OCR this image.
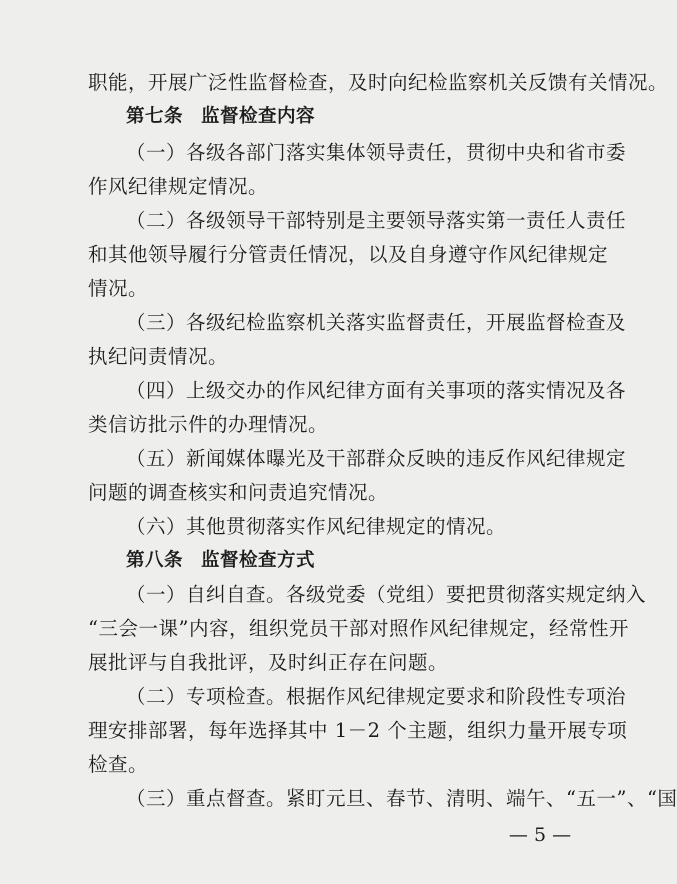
职能，开展广泛性监督检查，及时向纪检监察机关反馈有关情况。
第七条 监督检查内容
（一）各级各部门落实集体领导责任，贯彻中央和省市委
作风纪律规定情况。
（二）各级领导干部特别是主要领导落实第一责任人责任
和其他领导履行分管责任情况，以及自身遵守作风纪律规定
情况。
（三）各级纪检监察机关落实监督责任，开展监督检查及
执纪问责情况。
（四）上级交办的作风纪律方面有关事项的落实情况及各
类信访批示件的办理情况。
（五）新闻媒体曝光及干部群众反映的违反作风纪律规定
问题的调查核实和问责追究情况。
（六）其他贯彻落实作风纪律规定的情况。
第八条 监督检查方式
（一）自纠自查。各级党委（党组）要把贯彻落实规定纳入
“三会一课”内容，组织党员干部对照作风纪律规定，经常性开
展批评与自我批评，及时纠正存在问题。
（二）专项检查。根据作风纪律规定要求和阶段性专项治
理安排部署，每年选择其中 1－2 个主题，组织力量开展专项
检查。
（三）重点督查。紧盯元旦、春节、清明、端午、“五一”、“国
— 5 —
